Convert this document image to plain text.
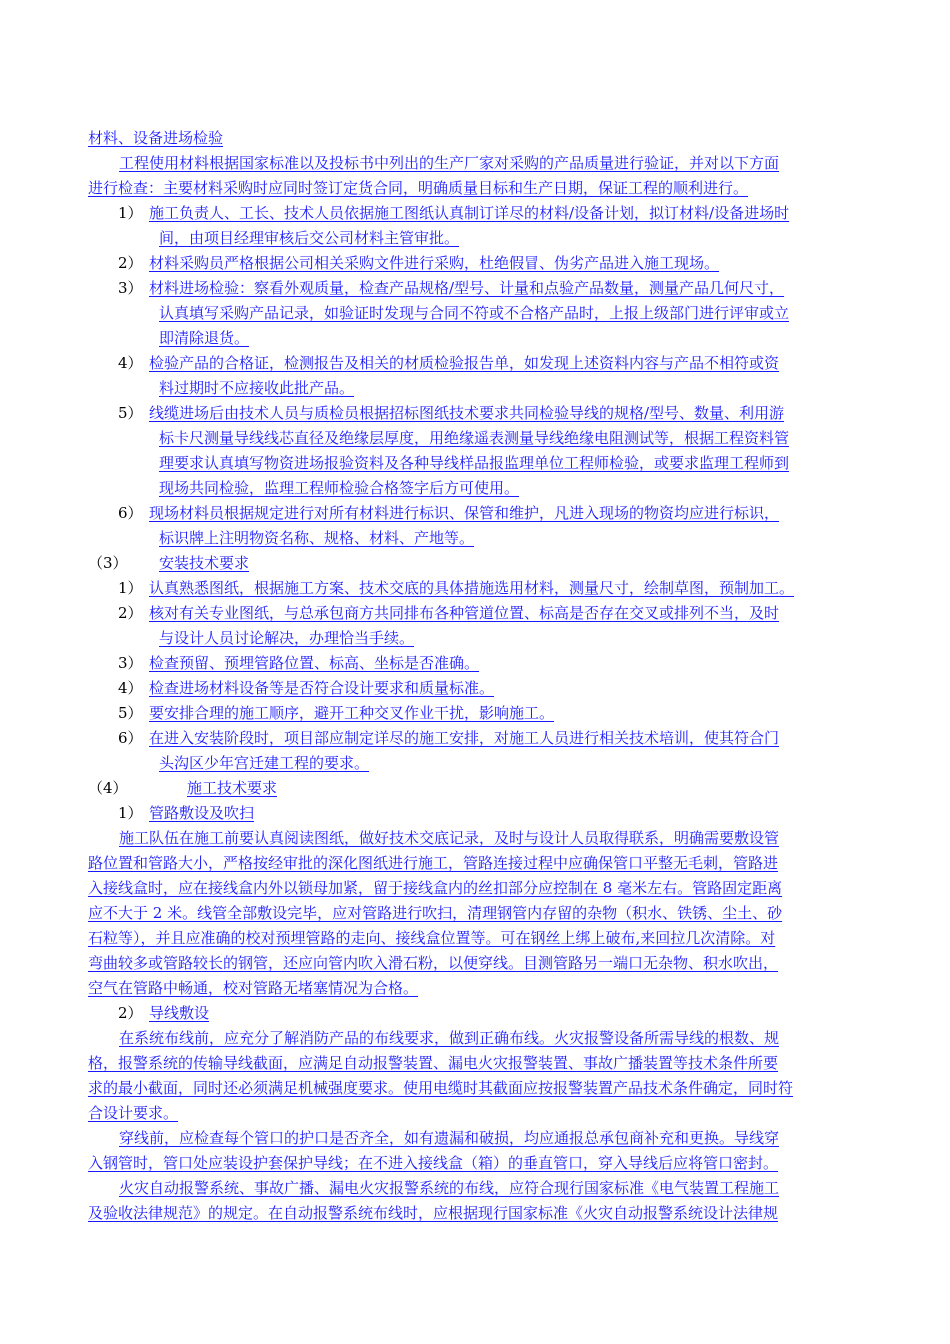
材料、设备进场检验
工程使用材料根据国家标准以及投标书中列出的生产厂家对采购的产品质量进行验证，并对以下方面
进行检查：主要材料采购时应同时签订定货合同，明确质量目标和生产日期，保证工程的顺利进行。
1） 施工负责人、工长、技术人员依据施工图纸认真制订详尽的材料/设备计划，拟订材料/设备进场时
间，由项目经理审核后交公司材料主管审批。
2） 材料采购员严格根据公司相关采购文件进行采购，杜绝假冒、伪劣产品进入施工现场。
3） 材料进场检验：察看外观质量，检查产品规格/型号、计量和点验产品数量，测量产品几何尺寸，
认真填写采购产品记录，如验证时发现与合同不符或不合格产品时，上报上级部门进行评审或立
即清除退货。
4） 检验产品的合格证，检测报告及相关的材质检验报告单，如发现上述资料内容与产品不相符或资
料过期时不应接收此批产品。
5） 线缆进场后由技术人员与质检员根据招标图纸技术要求共同检验导线的规格/型号、数量、利用游
标卡尺测量导线线芯直径及绝缘层厚度，用绝缘遥表测量导线绝缘电阻测试等，根据工程资料管
理要求认真填写物资进场报验资料及各种导线样品报监理单位工程师检验，或要求监理工程师到
现场共同检验，监理工程师检验合格签字后方可使用。
6） 现场材料员根据规定进行对所有材料进行标识、保管和维护，凡进入现场的物资均应进行标识，
标识牌上注明物资名称、规格、材料、产地等。
（3） 安装技术要求
1） 认真熟悉图纸，根据施工方案、技术交底的具体措施选用材料，测量尺寸，绘制草图，预制加工。
2） 核对有关专业图纸，与总承包商方共同排布各种管道位置、标高是否存在交叉或排列不当，及时
与设计人员讨论解决，办理恰当手续。
3） 检查预留、预埋管路位置、标高、坐标是否准确。
4） 检查进场材料设备等是否符合设计要求和质量标准。
5） 要安排合理的施工顺序，避开工种交叉作业干扰，影响施工。
6） 在进入安装阶段时，项目部应制定详尽的施工安排，对施工人员进行相关技术培训，使其符合门
头沟区少年宫迁建工程的要求。
（4）	施工技术要求
1） 管路敷设及吹扫
施工队伍在施工前要认真阅读图纸，做好技术交底记录，及时与设计人员取得联系，明确需要敷设管
路位置和管路大小，严格按经审批的深化图纸进行施工，管路连接过程中应确保管口平整无毛刺，管路进
入接线盒时，应在接线盒内外以锁母加紧，留于接线盒内的丝扣部分应控制在 8 毫米左右。管路固定距离
应不大于 2 米。线管全部敷设完毕，应对管路进行吹扫，清理钢管内存留的杂物（积水、铁锈、尘土、砂
石粒等），并且应准确的校对预埋管路的走向、接线盒位置等。可在钢丝上绑上破布,来回拉几次清除。对
弯曲较多或管路较长的钢管，还应向管内吹入滑石粉，以便穿线。目测管路另一端口无杂物、积水吹出，
空气在管路中畅通，校对管路无堵塞情况为合格。
2） 导线敷设
在系统布线前，应充分了解消防产品的布线要求，做到正确布线。火灾报警设备所需导线的根数、规
格，报警系统的传输导线截面，应满足自动报警装置、漏电火灾报警装置、事故广播装置等技术条件所要
求的最小截面，同时还必须满足机械强度要求。使用电缆时其截面应按报警装置产品技术条件确定，同时符
合设计要求。
穿线前，应检查每个管口的护口是否齐全，如有遗漏和破损，均应通报总承包商补充和更换。导线穿
入钢管时，管口处应装设护套保护导线；在不进入接线盒（箱）的垂直管口，穿入导线后应将管口密封。
火灾自动报警系统、事故广播、漏电火灾报警系统的布线，应符合现行国家标准《电气装置工程施工
及验收法律规范》的规定。在自动报警系统布线时，应根据现行国家标准《火灾自动报警系统设计法律规
